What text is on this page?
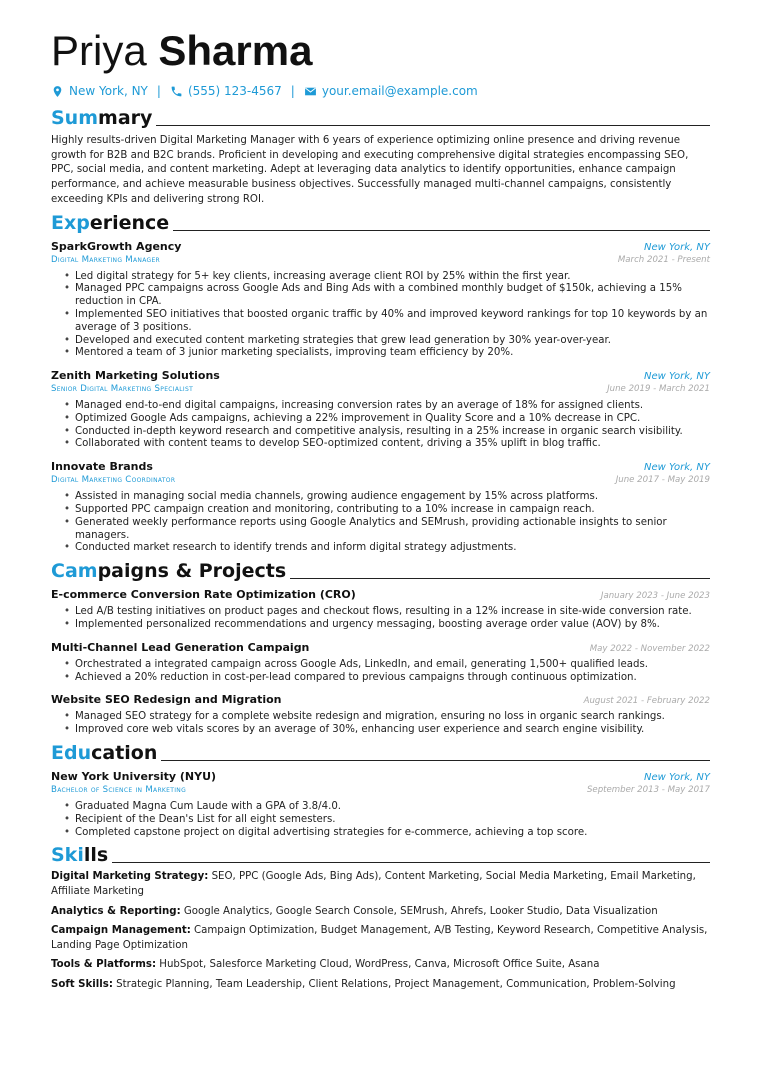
Priya Sharma
New York, NY | (555) 123-4567 | your.email@example.com
Summary

Highly results-driven Digital Marketing Manager with 6 years of experience optimizing online presence and driving revenue growth for B2B and B2C brands. Proficient in developing and executing comprehensive digital strategies encompassing SEO, PPC, social media, and content marketing. Adept at leveraging data analytics to identify opportunities, enhance campaign performance, and achieve measurable business objectives. Successfully managed multi-channel campaigns, consistently exceeding KPIs and delivering strong ROI.

Experience
SparkGrowth Agency	New York, NY
Digital Marketing Manager	March 2021 - Present
• Led digital strategy for 5+ key clients, increasing average client ROI by 25% within the first year.
• Managed PPC campaigns across Google Ads and Bing Ads with a combined monthly budget of $150k, achieving a 15% reduction in CPA.
• Implemented SEO initiatives that boosted organic traffic by 40% and improved keyword rankings for top 10 keywords by an average of 3 positions.
• Developed and executed content marketing strategies that grew lead generation by 30% year-over-year.
• Mentored a team of 3 junior marketing specialists, improving team efficiency by 20%.
Zenith Marketing Solutions	New York, NY
Senior Digital Marketing Specialist	June 2019 - March 2021
• Managed end-to-end digital campaigns, increasing conversion rates by an average of 18% for assigned clients.
• Optimized Google Ads campaigns, achieving a 22% improvement in Quality Score and a 10% decrease in CPC.
• Conducted in-depth keyword research and competitive analysis, resulting in a 25% increase in organic search visibility.
• Collaborated with content teams to develop SEO-optimized content, driving a 35% uplift in blog traffic.
Innovate Brands	New York, NY
Digital Marketing Coordinator	June 2017 - May 2019
• Assisted in managing social media channels, growing audience engagement by 15% across platforms.
• Supported PPC campaign creation and monitoring, contributing to a 10% increase in campaign reach.
• Generated weekly performance reports using Google Analytics and SEMrush, providing actionable insights to senior managers.
• Conducted market research to identify trends and inform digital strategy adjustments.
Campaigns & Projects
E-commerce Conversion Rate Optimization (CRO)	January 2023 - June 2023
• Led A/B testing initiatives on product pages and checkout flows, resulting in a 12% increase in site-wide conversion rate.
• Implemented personalized recommendations and urgency messaging, boosting average order value (AOV) by 8%.
Multi-Channel Lead Generation Campaign	May 2022 - November 2022
• Orchestrated a integrated campaign across Google Ads, LinkedIn, and email, generating 1,500+ qualified leads.
• Achieved a 20% reduction in cost-per-lead compared to previous campaigns through continuous optimization.
Website SEO Redesign and Migration	August 2021 - February 2022
• Managed SEO strategy for a complete website redesign and migration, ensuring no loss in organic search rankings.
• Improved core web vitals scores by an average of 30%, enhancing user experience and search engine visibility.
Education
New York University (NYU)	New York, NY
Bachelor of Science in Marketing	September 2013 - May 2017
• Graduated Magna Cum Laude with a GPA of 3.8/4.0.
• Recipient of the Dean's List for all eight semesters.
• Completed capstone project on digital advertising strategies for e-commerce, achieving a top score.
Skills

Digital Marketing Strategy: SEO, PPC (Google Ads, Bing Ads), Content Marketing, Social Media Marketing, Email Marketing, Affiliate Marketing

Analytics & Reporting: Google Analytics, Google Search Console, SEMrush, Ahrefs, Looker Studio, Data Visualization

Campaign Management: Campaign Optimization, Budget Management, A/B Testing, Keyword Research, Competitive Analysis, Landing Page Optimization

Tools & Platforms: HubSpot, Salesforce Marketing Cloud, WordPress, Canva, Microsoft Office Suite, Asana

Soft Skills: Strategic Planning, Team Leadership, Client Relations, Project Management, Communication, Problem-Solving
